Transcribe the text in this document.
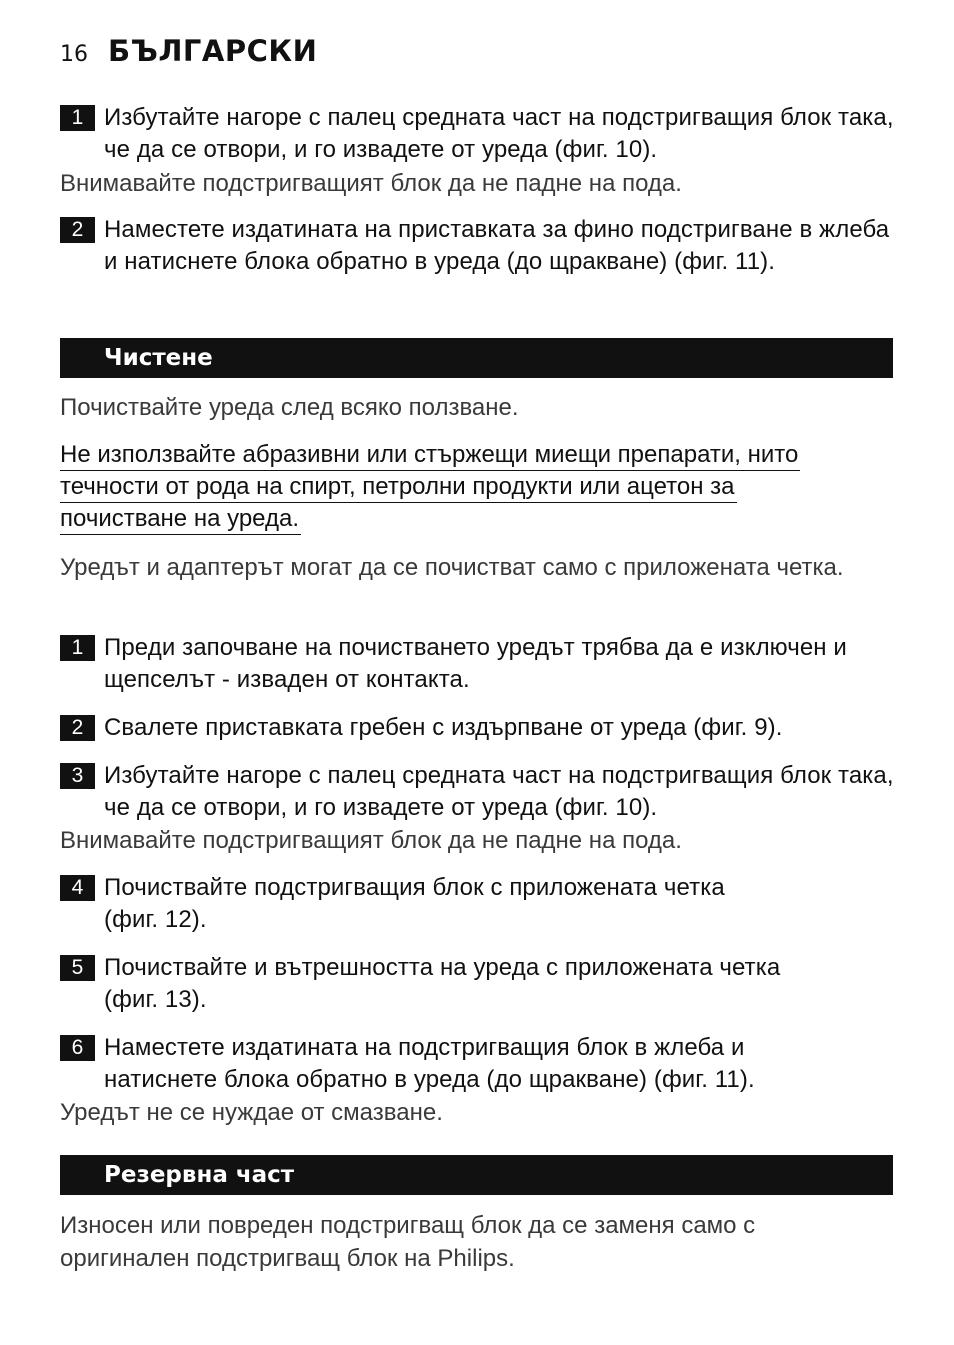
16 БЪЛГАРСКИ
1 Избутайте нагоре с палец средната част на подстригващия блок така, че да се отвори, и го извадете от уреда (фиг. 10).
Внимавайте подстригващият блок да не падне на пода.
2 Наместете издатината на приставката за фино подстригване в жлеба и натиснете блока обратно в уреда (до щракване) (фиг. 11).
Чистене
Почиствайте уреда след всяко ползване.
Не използвайте абразивни или стържещи миещи препарати, нито
течности от рода на спирт, петролни продукти или ацетон за
почистване на уреда.
Уредът и адаптерът могат да се почистват само с приложената четка.
1 Преди започване на почистването уредът трябва да е изключен и щепселът - изваден от контакта.
2 Свалете приставката гребен с издърпване от уреда (фиг. 9).
3 Избутайте нагоре с палец средната част на подстригващия блок така, че да се отвори, и го извадете от уреда (фиг. 10).
Внимавайте подстригващият блок да не падне на пода.
4 Почиствайте подстригващия блок с приложената четка (фиг. 12).
5 Почиствайте и вътрешността на уреда с приложената четка (фиг. 13).
6 Наместете издатината на подстригващия блок в жлеба и натиснете блока обратно в уреда (до щракване) (фиг. 11).
Уредът не се нуждае от смазване.
Резервна част
Износен или повреден подстригващ блок да се заменя само с оригинален подстригващ блок на Philips.
